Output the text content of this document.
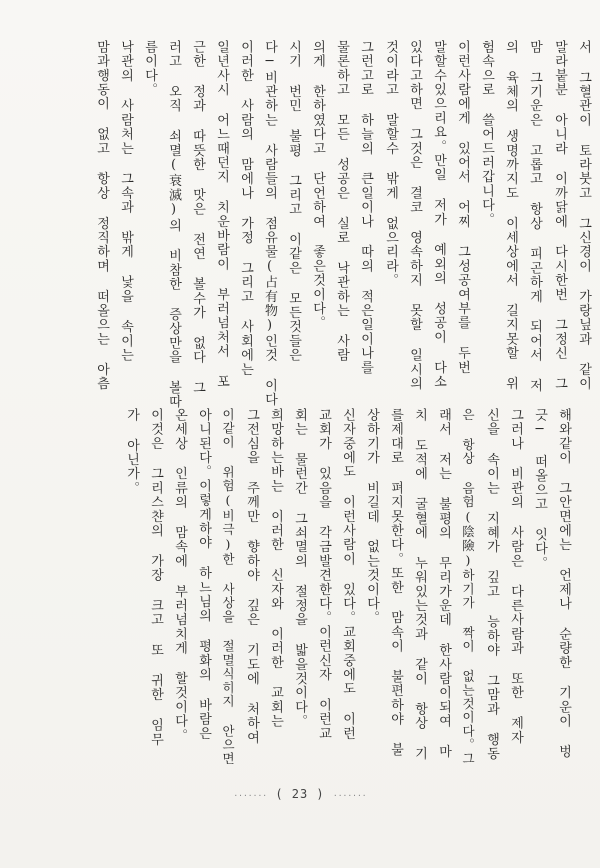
서 그혈관이 토라붓고 그신경이 가랑닢과 같이
말라붙분 아니라 이까닭에 다시한번 그정신 그
맘 그기운은 고롭고 항상 피곤하게 되어서 저
의 육체의 생명까지도 이세상에서 길지못할 위
험속으로 쓸어드러갑니다。
이런사람에게 있어서 어찌 그성공여부를 두번
말할수있으리요。만일 저가 예외의 성공이 다소
있다고하면 그것은 결코 영속하지 못할 일시의
것이라고 말할수 밖게 없으리라。
그런고로 하늘의 큰일이나 따의 적은일이나를
물론하고 모든 성공은 실로 낙관하는 사람
의게 한하였다고 단언하여 좋은것이다。
시기 번민 불평 그리고 이같은 모든것들은
다─비관하는 사람들의 점유물(占有物)인것 이다
이러한 사람의 맘에나 가정 그리고 사회에는
일년사시 어느때던지 치운바람이 부러넘처서 포
근한 정과 따뜻한 맛은 전연 볼수가 없다 그
러고 오직 쇠멸(衰滅)의 비참한 증상만을 볼따
름이다。
낙관의 사람처는 그속과 밖게 낯을 속이는
맘과행동이 없고 항상 정직하며 떠올으는 아츰
해와같이 그안면에는 언제나 순량한 기운이 벙
긋─ 떠올으고 잇다。
그러나 비관의 사람은 다른사람과 또한 제자
신을 속이는 지혜가 깊고 능하야 그맘과 행동
은 항상 음험(陰險)하기가 짝이 없는것이다。그
래서 저는 불평의 무리가운데 한사람이되여 마
치 도적에 굴혈에 누워있는것과 같이 항상 기
를제대로 펴지못한다。또한 맘속이 불편하야 불
상하기가 비길데 없는것이다。
신자중에도 이런사람이 있다。교회중에도 이런
교회가 있음을 각금발견한다。이런신자 이런교
회는 물런간 그쇠멸의 절정을 밟을것이다。
희망하는바는 이러한 신자와 이러한 교회는
그전심을 주께만 향하야 깊은 기도에 처하여
이같이 위험(비극)한 사상을 절멸식히지 안으면
아니된다。이렇게하야 하느님의 평화의 바람은
온세상 인류의 맘속에 부러넘치게 할것이다。
이것은 그리스챤의 가장 크고 또 귀한 임무
가 아닌가。
······· ( 23 ) ·······
